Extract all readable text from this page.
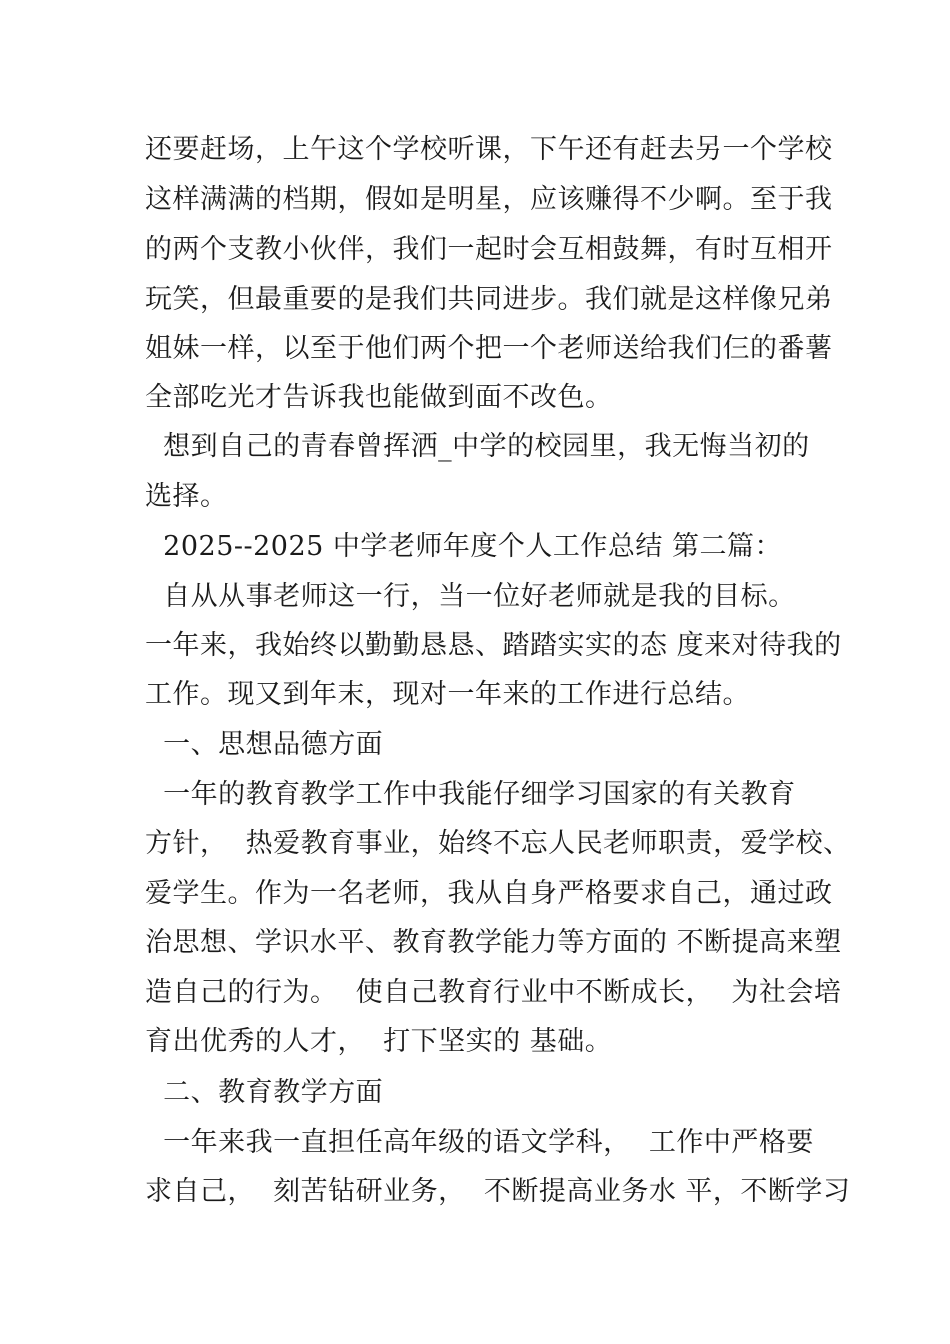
还要赶场，上午这个学校听课，下午还有赶去另一个学校
这样满满的档期，假如是明星，应该赚得不少啊。至于我
的两个支教小伙伴，我们一起时会互相鼓舞，有时互相开
玩笑，但最重要的是我们共同进步。我们就是这样像兄弟
姐妹一样，以至于他们两个把一个老师送给我们仨的番薯
全部吃光才告诉我也能做到面不改色。
想到自己的青春曾挥洒_中学的校园里，我无悔当初的
选择。
2025--2025 中学老师年度个人工作总结 第二篇：
自从从事老师这一行，当一位好老师就是我的目标。
一年来，我始终以勤勤恳恳、踏踏实实的态 度来对待我的
工作。现又到年末，现对一年来的工作进行总结。
一、思想品德方面
一年的教育教学工作中我能仔细学习国家的有关教育
方针，  热爱教育事业，始终不忘人民老师职责，爱学校、
爱学生。作为一名老师，我从自身严格要求自己，通过政
治思想、学识水平、教育教学能力等方面的 不断提高来塑
造自己的行为。  使自己教育行业中不断成长，  为社会培
育出优秀的人才，  打下坚实的 基础。
二、教育教学方面
一年来我一直担任高年级的语文学科，  工作中严格要
求自己，  刻苦钻研业务，  不断提高业务水 平，不断学习
